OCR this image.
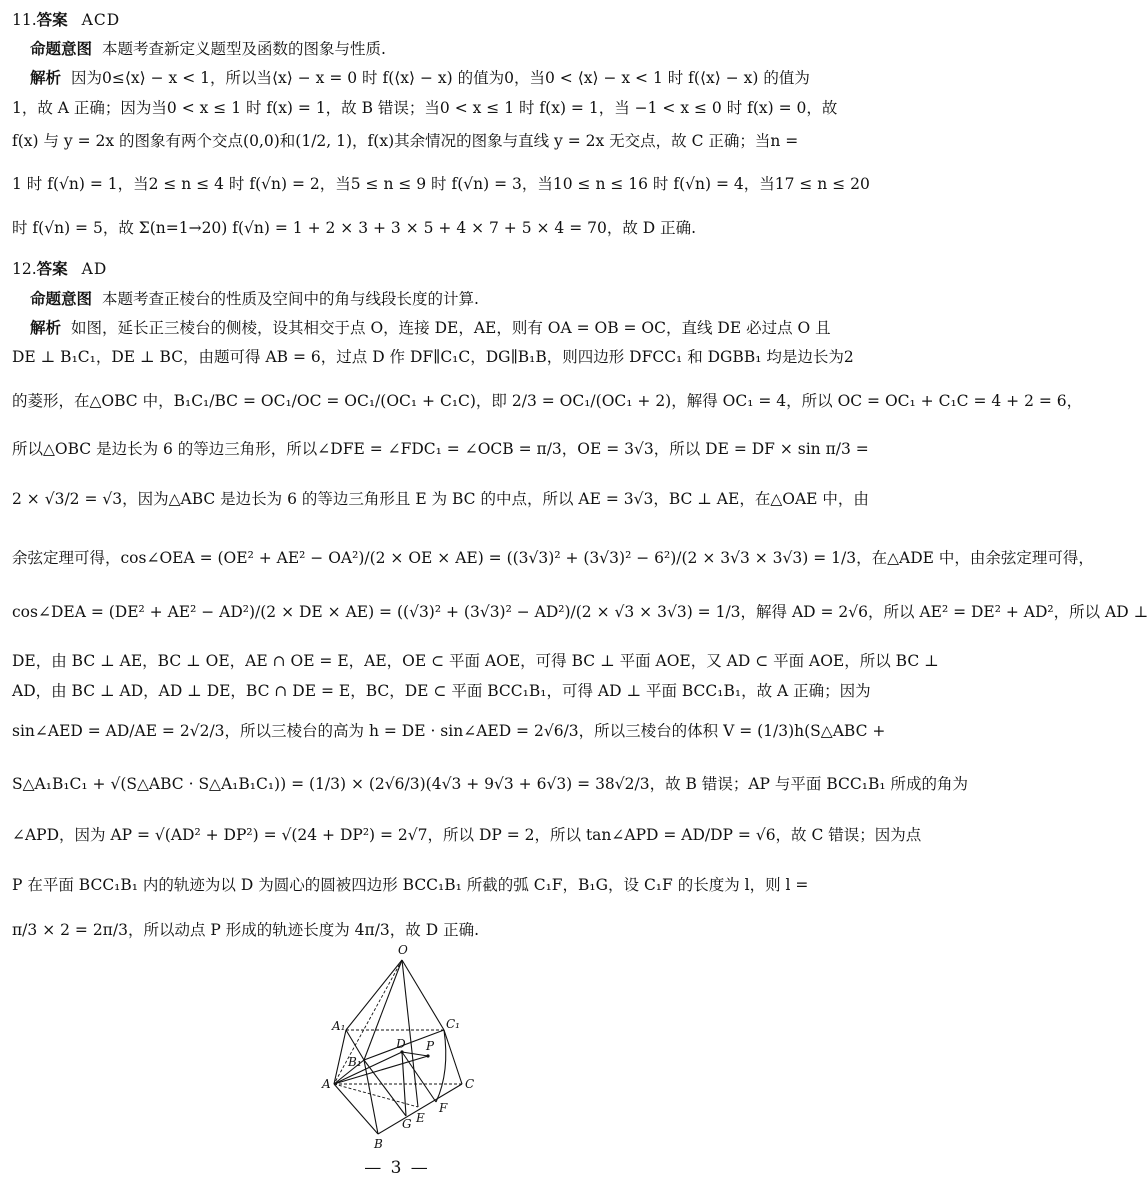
11.答案 ACD
命题意图 本题考查新定义题型及函数的图象与性质.
解析 因为0≤⟨x⟩ − x < 1，所以当⟨x⟩ − x = 0 时 f(⟨x⟩ − x) 的值为0，当0 < ⟨x⟩ − x < 1 时 f(⟨x⟩ − x) 的值为
1，故 A 正确；因为当0 < x ≤ 1 时 f(x) = 1，故 B 错误；当0 < x ≤ 1 时 f(x) = 1，当 −1 < x ≤ 0 时 f(x) = 0，故
f(x) 与 y = 2x 的图象有两个交点(0,0)和(1/2, 1)，f(x)其余情况的图象与直线 y = 2x 无交点，故 C 正确；当n =
1 时 f(√n) = 1，当2 ≤ n ≤ 4 时 f(√n) = 2，当5 ≤ n ≤ 9 时 f(√n) = 3，当10 ≤ n ≤ 16 时 f(√n) = 4，当17 ≤ n ≤ 20
时 f(√n) = 5，故 Σ(n=1→20) f(√n) = 1 + 2 × 3 + 3 × 5 + 4 × 7 + 5 × 4 = 70，故 D 正确.
12.答案 AD
命题意图 本题考查正棱台的性质及空间中的角与线段长度的计算.
解析 如图，延长正三棱台的侧棱，设其相交于点 O，连接 DE，AE，则有 OA = OB = OC，直线 DE 必过点 O 且
DE ⊥ B₁C₁，DE ⊥ BC，由题可得 AB = 6，过点 D 作 DF∥C₁C，DG∥B₁B，则四边形 DFCC₁ 和 DGBB₁ 均是边长为2
的菱形，在△OBC 中，B₁C₁/BC = OC₁/OC = OC₁/(OC₁ + C₁C)，即 2/3 = OC₁/(OC₁ + 2)，解得 OC₁ = 4，所以 OC = OC₁ + C₁C = 4 + 2 = 6，
所以△OBC 是边长为 6 的等边三角形，所以∠DFE = ∠FDC₁ = ∠OCB = π/3，OE = 3√3，所以 DE = DF × sin π/3 =
2 × √3/2 = √3，因为△ABC 是边长为 6 的等边三角形且 E 为 BC 的中点，所以 AE = 3√3，BC ⊥ AE，在△OAE 中，由
余弦定理可得，cos∠OEA = (OE² + AE² − OA²)/(2 × OE × AE) = ((3√3)² + (3√3)² − 6²)/(2 × 3√3 × 3√3) = 1/3，在△ADE 中，由余弦定理可得，
cos∠DEA = (DE² + AE² − AD²)/(2 × DE × AE) = ((√3)² + (3√3)² − AD²)/(2 × √3 × 3√3) = 1/3，解得 AD = 2√6，所以 AE² = DE² + AD²，所以 AD ⊥
DE，由 BC ⊥ AE，BC ⊥ OE，AE ∩ OE = E，AE，OE ⊂ 平面 AOE，可得 BC ⊥ 平面 AOE，又 AD ⊂ 平面 AOE，所以 BC ⊥
AD，由 BC ⊥ AD，AD ⊥ DE，BC ∩ DE = E，BC，DE ⊂ 平面 BCC₁B₁，可得 AD ⊥ 平面 BCC₁B₁，故 A 正确；因为
sin∠AED = AD/AE = 2√2/3，所以三棱台的高为 h = DE · sin∠AED = 2√6/3，所以三棱台的体积 V = (1/3)h(S△ABC +
S△A₁B₁C₁ + √(S△ABC · S△A₁B₁C₁)) = (1/3) × (2√6/3)(4√3 + 9√3 + 6√3) = 38√2/3，故 B 错误；AP 与平面 BCC₁B₁ 所成的角为
∠APD，因为 AP = √(AD² + DP²) = √(24 + DP²) = 2√7，所以 DP = 2，所以 tan∠APD = AD/DP = √6，故 C 错误；因为点
P 在平面 BCC₁B₁ 内的轨迹为以 D 为圆心的圆被四边形 BCC₁B₁ 所截的弧 C₁F，B₁G，设 C₁F 的长度为 l，则 l =
π/3 × 2 = 2π/3，所以动点 P 形成的轨迹长度为 4π/3，故 D 正确.
O
A₁	C₁
B₁
D P
A	C
F
E
G
B
— 3 —
